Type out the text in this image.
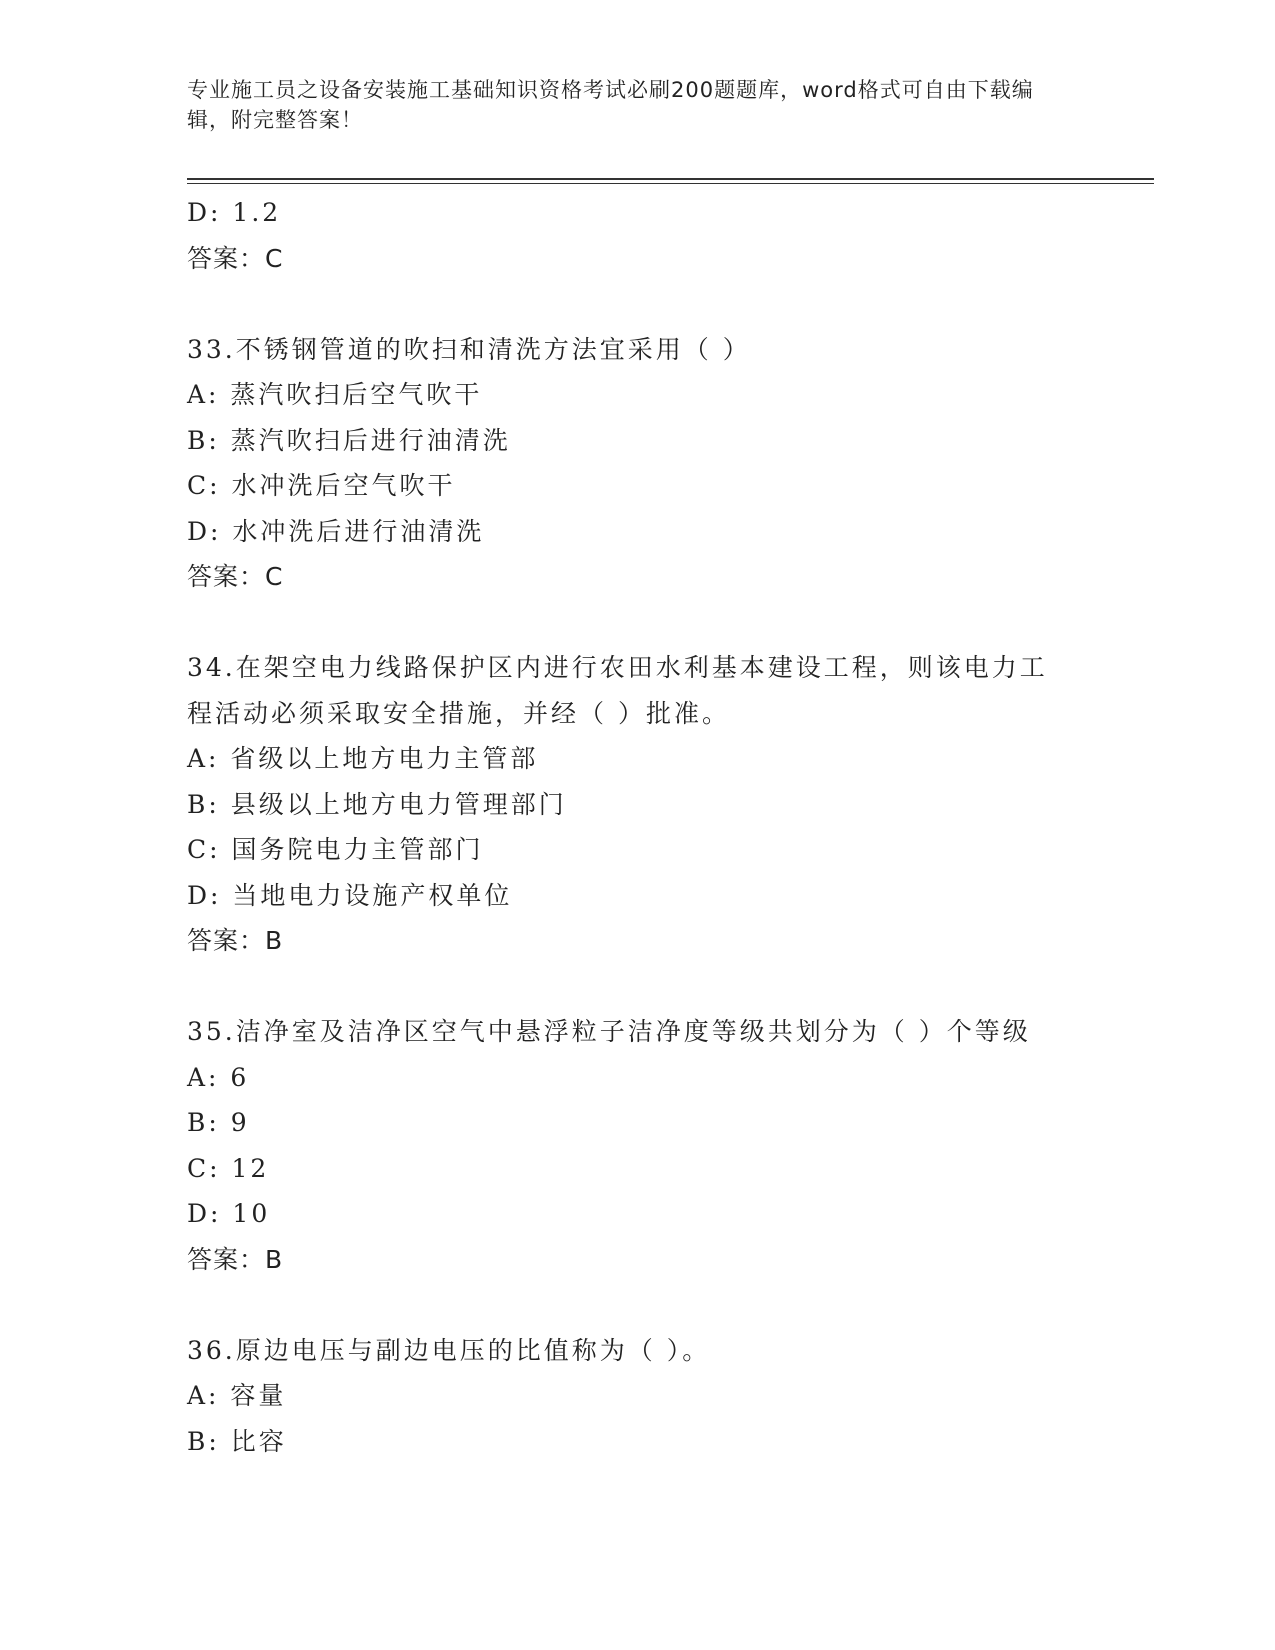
专业施工员之设备安装施工基础知识资格考试必刷200题题库，word格式可自由下载编辑，附完整答案！
D: 1.2
答案：C
33.不锈钢管道的吹扫和清洗方法宜采用（ ）
A: 蒸汽吹扫后空气吹干
B: 蒸汽吹扫后进行油清洗
C: 水冲洗后空气吹干
D: 水冲洗后进行油清洗
答案：C
34.在架空电力线路保护区内进行农田水利基本建设工程，则该电力工
程活动必须采取安全措施，并经（ ）批准。
A: 省级以上地方电力主管部
B: 县级以上地方电力管理部门
C: 国务院电力主管部门
D: 当地电力设施产权单位
答案：B
35.洁净室及洁净区空气中悬浮粒子洁净度等级共划分为（ ）个等级
A: 6
B: 9
C: 12
D: 10
答案：B
36.原边电压与副边电压的比值称为（ ）。
A: 容量
B: 比容
